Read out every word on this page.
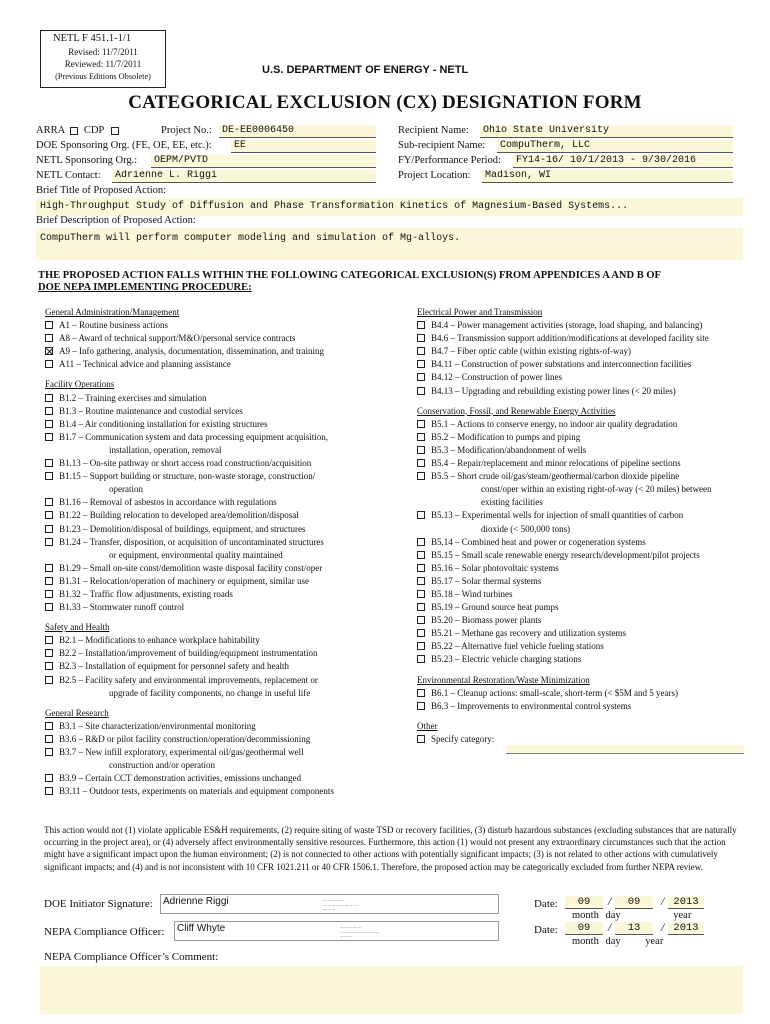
NETL F 451.1-1/1
Revised: 11/7/2011
Reviewed: 11/7/2011
(Previous Editions Obsolete)	U.S. DEPARTMENT OF ENERGY - NETL
CATEGORICAL EXCLUSION (CX) DESIGNATION FORM
ARRA CDP	Project No.:	DE-EE0006450
DOE Sponsoring Org. (FE, OE, EE, etc.):	EE
NETL Sponsoring Org.:	OEPM/PVTD
NETL Contact:	Adrienne L. Riggi
Recipient Name:	Ohio State University
Sub-recipient Name:	CompuTherm, LLC
FY/Performance Period:	FY14-16/ 10/1/2013 - 9/30/2016
Project Location:	Madison, WI
Brief Title of Proposed Action:
High-Throughput Study of Diffusion and Phase Transformation Kinetics of Magnesium-Based Systems...
Brief Description of Proposed Action:
CompuTherm will perform computer modeling and simulation of Mg-alloys.
THE PROPOSED ACTION FALLS WITHIN THE FOLLOWING CATEGORICAL EXCLUSION(S) FROM APPENDICES A AND B OF
DOE NEPA IMPLEMENTING PROCEDURE:
General Administration/Management
A1 – Routine business actions
A8 – Award of technical support/M&O/personal service contracts
A9 – Info gathering, analysis, documentation, dissemination, and training
A11 – Technical advice and planning assistance
Facility Operations
B1.2 – Training exercises and simulation
B1.3 – Routine maintenance and custodial services
B1.4 – Air conditioning installation for existing structures
B1.7 – Communication system and data processing equipment acquisition,
installation, operation, removal
B1.13 – On-site pathway or short access road construction/acquisition
B1.15 – Support building or structure, non-waste storage, construction/
operation
B1.16 – Removal of asbestos in accordance with regulations
B1.22 – Building relocation to developed area/demolition/disposal
B1.23 – Demolition/disposal of buildings, equipment, and structures
B1.24 – Transfer, disposition, or acquisition of uncontaminated structures
or equipment, environmental quality maintained
B1.29 – Small on-site const/demolition waste disposal facility const/oper
B1.31 – Relocation/operation of machinery or equipment, similar use
B1.32 – Traffic flow adjustments, existing roads
B1.33 – Stormwater runoff control
Safety and Health
B2.1 – Modifications to enhance workplace habitability
B2.2 – Installation/improvement of building/equipment instrumentation
B2.3 – Installation of equipment for personnel safety and health
B2.5 – Facility safety and environmental improvements, replacement or
upgrade of facility components, no change in useful life
General Research
B3.1 – Site characterization/environmental monitoring
B3.6 – R&D or pilot facility construction/operation/decommissioning
B3.7 – New infill exploratory, experimental oil/gas/geothermal well
construction and/or operation
B3.9 – Certain CCT demonstration activities, emissions unchanged
B3.11 – Outdoor tests, experiments on materials and equipment components
Electrical Power and Transmission
B4.4 – Power management activities (storage, load shaping, and balancing)
B4.6 – Transmission support addition/modifications at developed facility site
B4.7 – Fiber optic cable (within existing rights-of-way)
B4.11 – Construction of power substations and interconnection facilities
B4.12 – Construction of power lines
B4.13 – Upgrading and rebuilding existing power lines (< 20 miles)
Conservation, Fossil, and Renewable Energy Activities
B5.1 – Actions to conserve energy, no indoor air quality degradation
B5.2 – Modification to pumps and piping
B5.3 – Modification/abandonment of wells
B5.4 – Repair/replacement and minor relocations of pipeline sections
B5.5 – Short crude oil/gas/steam/geothermal/carbon dioxide pipeline
const/oper within an existing right-of-way (< 20 miles) between
existing facilities
B5.13 – Experimental wells for injection of small quantities of carbon
dioxide (< 500,000 tons)
B5.14 – Combined heat and power or cogeneration systems
B5.15 – Small scale renewable energy research/development/pilot projects
B5.16 – Solar photovoltaic systems
B5.17 – Solar thermal systems
B5.18 – Wind turbines
B5.19 – Ground source heat pumps
B5.20 – Biomass power plants
B5.21 – Methane gas recovery and utilization systems
B5.22 – Alternative fuel vehicle fueling stations
B5.23 – Electric vehicle charging stations
Environmental Restoration/Waste Minimization
B6.1 – Cleanup actions: small-scale, short-term (< $5M and 5 years)
B6.3 – Improvements to environmental control systems
Other
Specify category:
This action would not (1) violate applicable ES&H requirements, (2) require siting of waste TSD or recovery facilities, (3) disturb hazardous substances (excluding substances that are naturally occurring in the project area), or (4) adversely affect environmentally sensitive resources. Furthermore, this action (1) would not present any extraordinary circumstances such that the action might have a significant impact upon the human environment; (2) is not connected to other actions with potentially significant impacts; (3) is not related to other actions with cumulatively significant impacts; and (4) and is not inconsistent with 10 CFR 1021.211 or 40 CFR 1506.1. Therefore, the proposed action may be categorically excluded from further NEPA review.
DOE Initiator Signature: Adrienne Riggi	— — — — —
— — — — — — — —
— — —
NEPA Compliance Officer: Cliff Whyte	— — — — —
— — — — — — — — —
— — —
Date:	09	/	09	/ 2013
month day	year
Date:	09	/	13	/ 2013
month day year
NEPA Compliance Officer’s Comment:
